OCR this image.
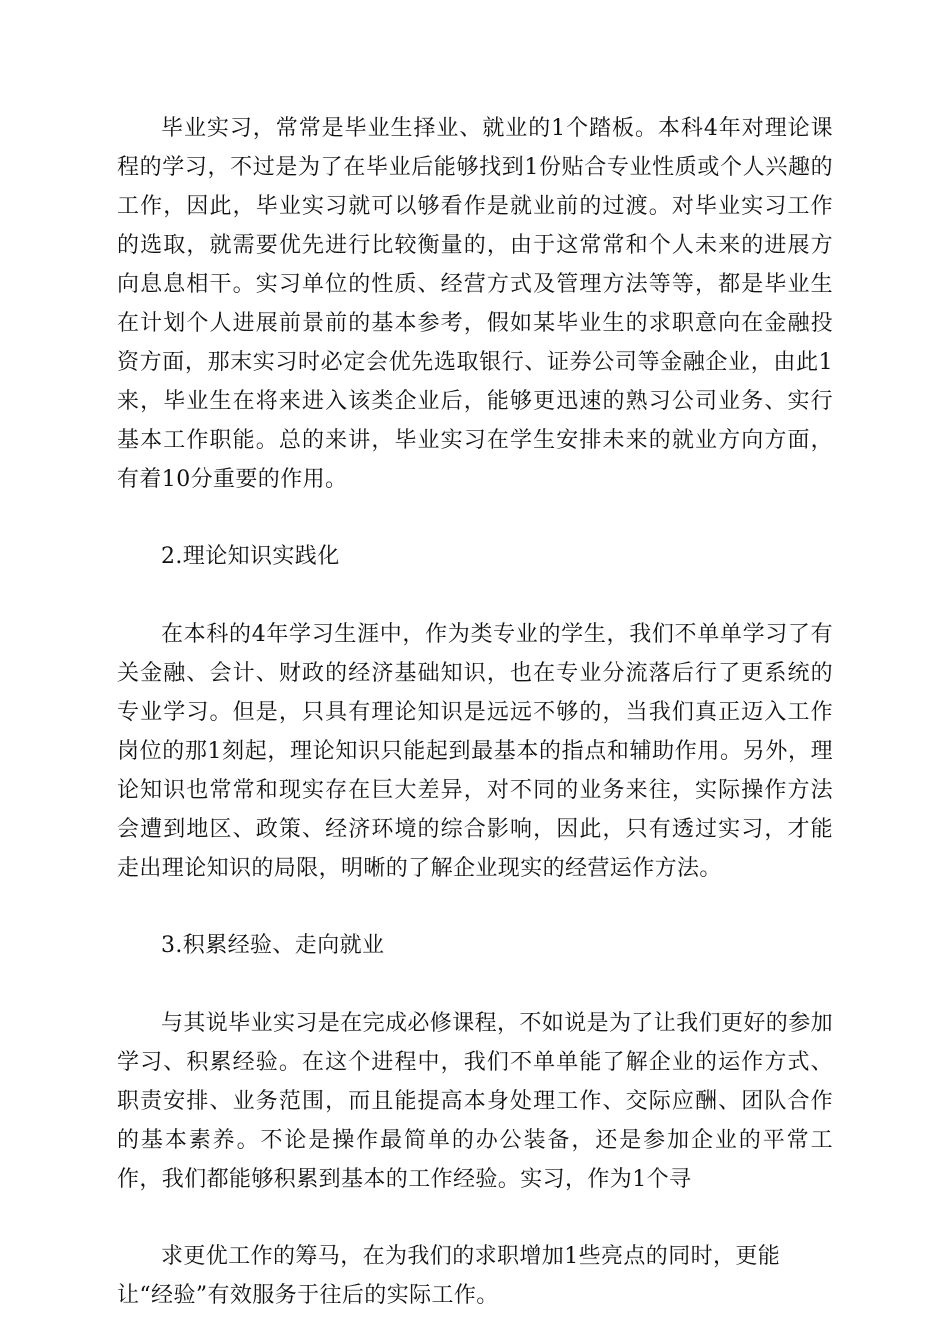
毕业实习，常常是毕业生择业、就业的1个踏板。本科4年对理论课程的学习，不过是为了在毕业后能够找到1份贴合专业性质或个人兴趣的工作，因此，毕业实习就可以够看作是就业前的过渡。对毕业实习工作的选取，就需要优先进行比较衡量的，由于这常常和个人未来的进展方向息息相干。实习单位的性质、经营方式及管理方法等等，都是毕业生在计划个人进展前景前的基本参考，假如某毕业生的求职意向在金融投资方面，那末实习时必定会优先选取银行、证券公司等金融企业，由此1来，毕业生在将来进入该类企业后，能够更迅速的熟习公司业务、实行基本工作职能。总的来讲，毕业实习在学生安排未来的就业方向方面，有着10分重要的作用。

2.理论知识实践化

在本科的4年学习生涯中，作为类专业的学生，我们不单单学习了有关金融、会计、财政的经济基础知识，也在专业分流落后行了更系统的专业学习。但是，只具有理论知识是远远不够的，当我们真正迈入工作岗位的那1刻起，理论知识只能起到最基本的指点和辅助作用。另外，理论知识也常常和现实存在巨大差异，对不同的业务来往，实际操作方法会遭到地区、政策、经济环境的综合影响，因此，只有透过实习，才能走出理论知识的局限，明晰的了解企业现实的经营运作方法。

3.积累经验、走向就业

与其说毕业实习是在完成必修课程，不如说是为了让我们更好的参加学习、积累经验。在这个进程中，我们不单单能了解企业的运作方式、职责安排、业务范围，而且能提高本身处理工作、交际应酬、团队合作的基本素养。不论是操作最简单的办公装备，还是参加企业的平常工作，我们都能够积累到基本的工作经验。实习，作为1个寻

求更优工作的筹马，在为我们的求职增加1些亮点的同时，更能

让“经验”有效服务于往后的实际工作。
